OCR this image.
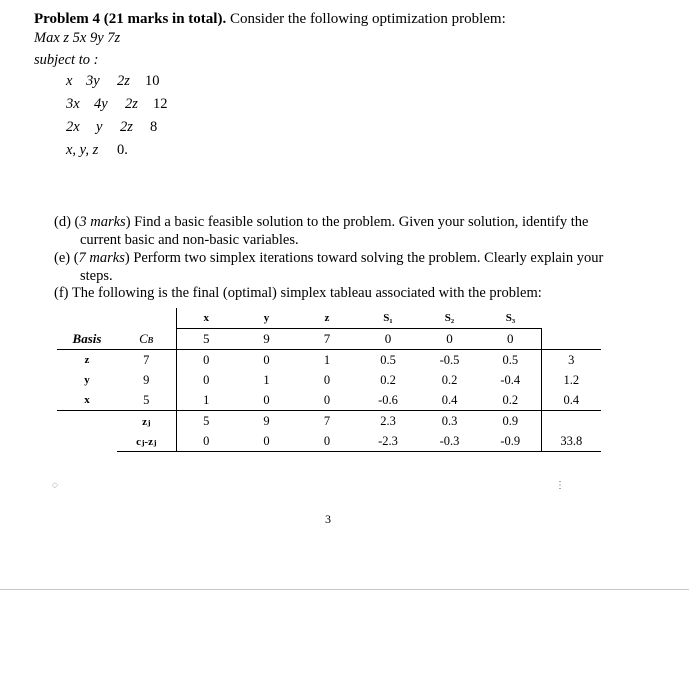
Problem 4 (21 marks in total). Consider the following optimization problem:
Max z 5x 9y 7z
subject to :
x 3y 2z 10
3x 4y 2z 12
2x y 2z 8
x, y, z 0.
(d) (3 marks) Find a basic feasible solution to the problem. Given your solution, identify the
current basic and non-basic variables.
(e) (7 marks) Perform two simplex iterations toward solving the problem. Clearly explain your
steps.
(f) The following is the final (optimal) simplex tableau associated with the problem:
		x	y	z	S₁	S₂	S₃	
Basis	Cʙ	5	9	7	0	0	0	
z	7	0	0	1	0.5	-0.5	0.5	3
y	9	0	1	0	0.2	0.2	-0.4	1.2
x	5	1	0	0	-0.6	0.4	0.2	0.4
	zⱼ	5	9	7	2.3	0.3	0.9	
	cⱼ-zⱼ	0	0	0	-2.3	-0.3	-0.9	33.8
◌	⋮
3
